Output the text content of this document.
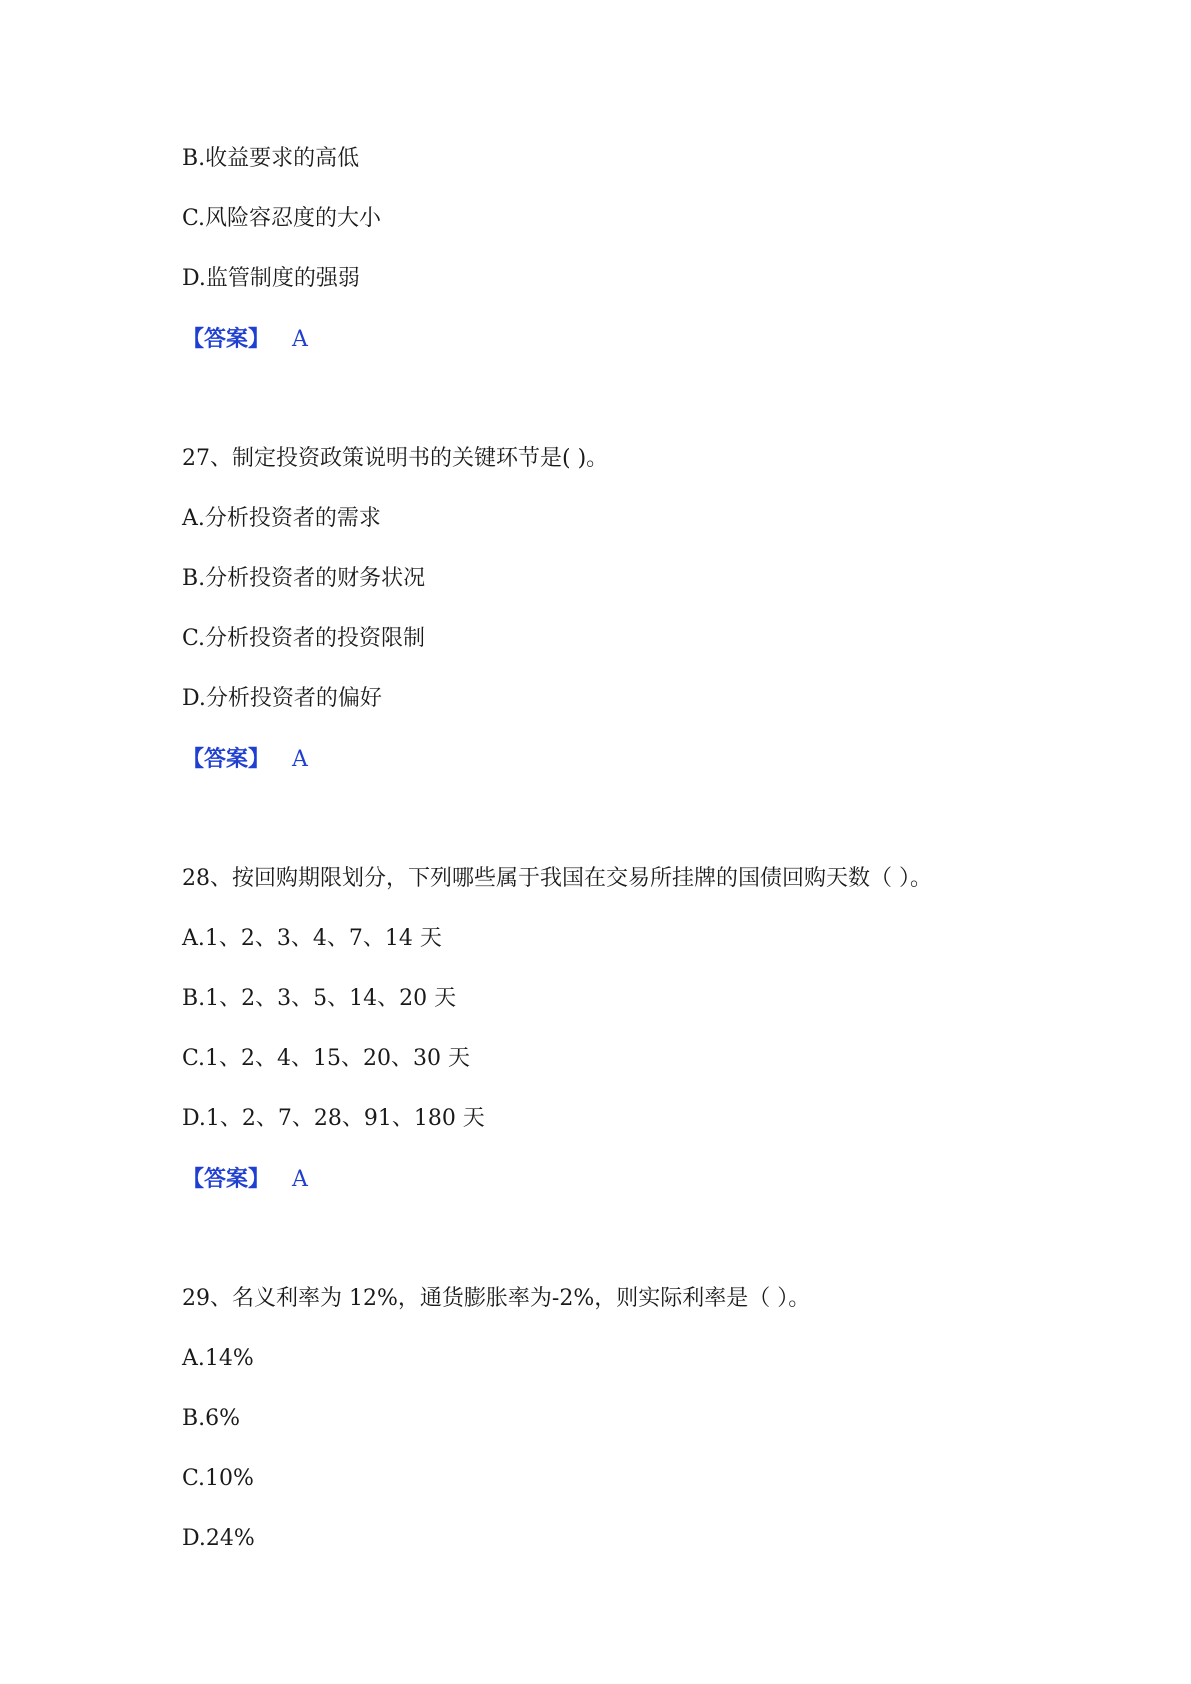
B.收益要求的高低
C.风险容忍度的大小
D.监管制度的强弱
【答案】 A
27、制定投资政策说明书的关键环节是( )。
A.分析投资者的需求
B.分析投资者的财务状况
C.分析投资者的投资限制
D.分析投资者的偏好
【答案】 A
28、按回购期限划分，下列哪些属于我国在交易所挂牌的国债回购天数（ ）。
A.1、2、3、4、7、14 天
B.1、2、3、5、14、20 天
C.1、2、4、15、20、30 天
D.1、2、7、28、91、180 天
【答案】 A
29、名义利率为 12%，通货膨胀率为-2%，则实际利率是（ ）。
A.14%
B.6%
C.10%
D.24%
